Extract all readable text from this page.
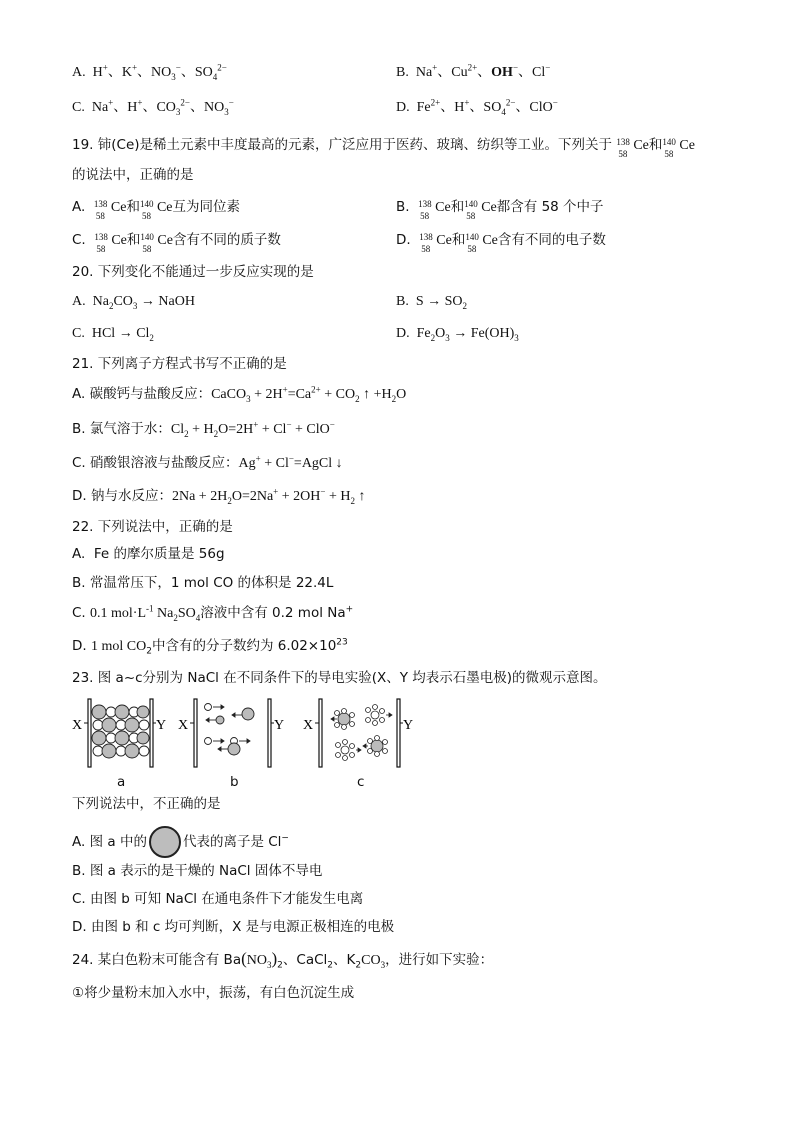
A. H+、K+、$NO_3^-$、$SO_4^{2-}$	B. Na+、$Cu^{2+}$、OH−、Cl−
C. Na+、H+、$CO_3^{2-}$、$NO_3^-$	D. $Fe^{2+}$、H+、$SO_4^{2-}$、ClO−
19. 铈(Ce)是稀土元素中丰度最高的元素，广泛应用于医药、玻璃、纺织等工业。下列关于 138
58
Ce和 140
58
Ce
的说法中，正确的是
A. 138
58
Ce和 140
58
Ce互为同位素	B. 138
58
Ce和 140
58
Ce都含有 58 个中子
C. 138
58
Ce和 140
58
Ce含有不同的质子数	D. 138
58
Ce和 140
58
Ce含有不同的电子数
20. 下列变化不能通过一步反应实现的是
A. $Na_2CO_3$ → NaOH	B. $S \to SO_2$
C. HCl → $Cl_2$	D. $Fe_2O_3 \to Fe(OH)_3$
21. 下列离子方程式书写不正确的是
A. 碳酸钙与盐酸反应：CaCO$_3$ + $2H^+=Ca^{2+} + CO_2$ ↑ $+H_2O$
B. 氯气溶于水：$Cl_2 + H_2O=2H^+ + Cl^- + ClO^-$
C. 硝酸银溶液与盐酸反应：Ag+ + Cl−=AgCl ↓
D. 钠与水反应：$2Na + 2H_2O=2Na^+ + 2OH^- + H_2$ ↑
22. 下列说法中，正确的是
A. Fe 的摩尔质量是 56g
B. 常温常压下，1 mol CO 的体积是 22.4L
C. 0.1 $mol\cdot L^{-1}$ $Na_2SO_4$溶液中含有 0.2 mol Na+
D. 1 mol $CO_2$中含有的分子数约为 $6.02\times 10^{23}$
23. 图 a~c分别为 NaCl 在不同条件下的导电实验(X、Y 均表示石墨电极)的微观示意图。
X	Y
a
X	Y
b
X	Y
c
下列说法中，不正确的是
A. 图 a 中的	代表的离子是 Cl−
B. 图 a 表示的是干燥的 NaCl 固体不导电
C. 由图 b 可知 NaCl 在通电条件下才能发生电离
D. 由图 b 和 c 均可判断，X 是与电源正极相连的电极
24. 某白色粉末可能含有 $Ba(NO_3)_2$、CaCl$_2$、$K_2CO_3$，进行如下实验：
①将少量粉末加入水中，振荡，有白色沉淀生成
